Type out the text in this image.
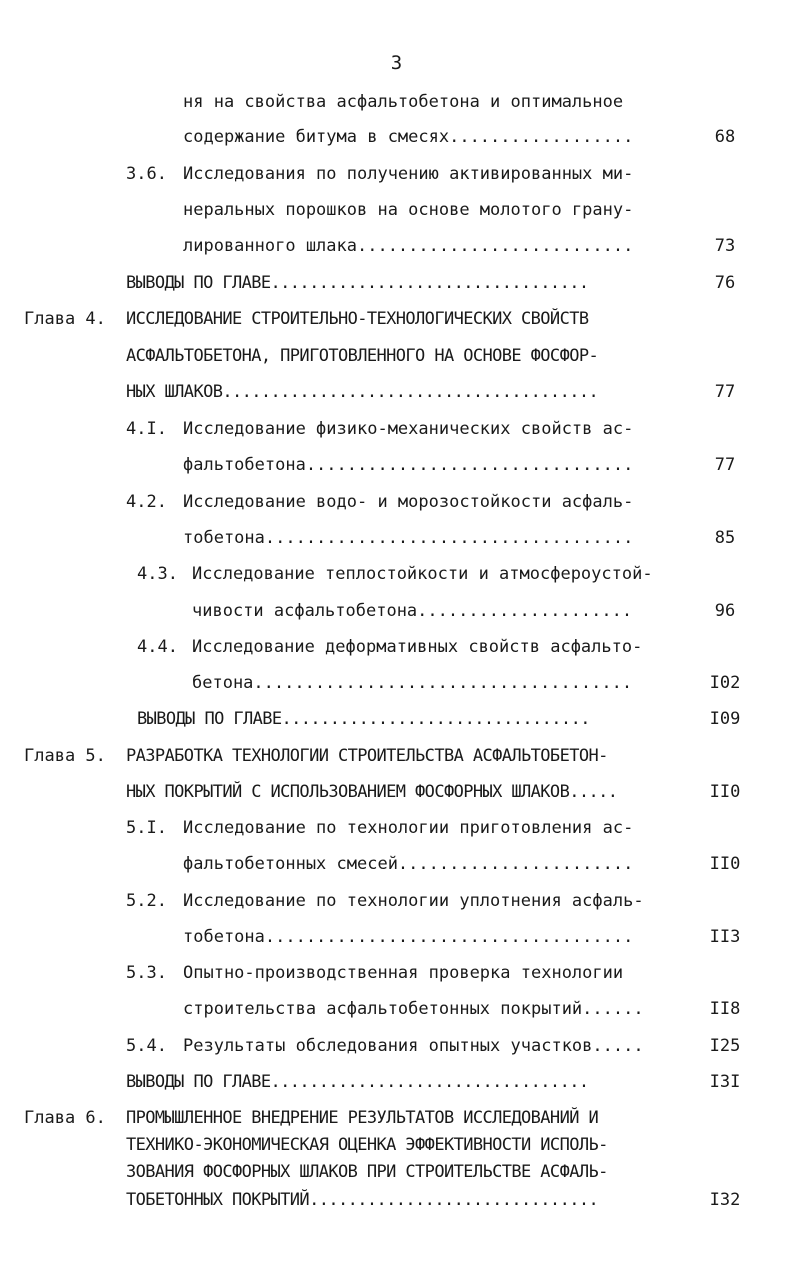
3
ня на свойства асфальтобетона и оптимальное
содержание битума в смесях..................	68
3.6. Исследования по получению активированных ми-
неральных порошков на основе молотого грану-
лированного шлака...........................	73
ВЫВОДЫ ПО ГЛАВЕ.................................	76
Глава 4. ИССЛЕДОВАНИЕ СТРОИТЕЛЬНО-ТЕХНОЛОГИЧЕСКИХ СВОЙСТВ
АСФАЛЬТОБЕТОНА, ПРИГОТОВЛЕННОГО НА ОСНОВЕ ФОСФОР-
НЫХ ШЛАКОВ.......................................	77
4.I. Исследование физико-механических свойств ас-
фальтобетона................................	77
4.2. Исследование водо- и морозостойкости асфаль-
тобетона....................................	85
4.3. Исследование теплостойкости и атмосфероустой-
чивости асфальтобетона.....................	96
4.4. Исследование деформативных свойств асфальто-
бетона.....................................	I02
ВЫВОДЫ ПО ГЛАВЕ................................	I09
Глава 5. РАЗРАБОТКА ТЕХНОЛОГИИ СТРОИТЕЛЬСТВА АСФАЛЬТОБЕТОН-
НЫХ ПОКРЫТИЙ С ИСПОЛЬЗОВАНИЕМ ФОСФОРНЫХ ШЛАКОВ.....	II0
5.I. Исследование по технологии приготовления ас-
фальтобетонных смесей.......................	II0
5.2. Исследование по технологии уплотнения асфаль-
тобетона....................................	II3
5.3. Опытно-производственная проверка технологии
строительства асфальтобетонных покрытий......	II8
5.4. Результаты обследования опытных участков.....	I25
ВЫВОДЫ ПО ГЛАВЕ.................................	I3I
Глава 6. ПРОМЫШЛЕННОЕ ВНЕДРЕНИЕ РЕЗУЛЬТАТОВ ИССЛЕДОВАНИЙ И
ТЕХНИКО-ЭКОНОМИЧЕСКАЯ ОЦЕНКА ЭФФЕКТИВНОСТИ ИСПОЛЬ-
ЗОВАНИЯ ФОСФОРНЫХ ШЛАКОВ ПРИ СТРОИТЕЛЬСТВЕ АСФАЛЬ-
ТОБЕТОННЫХ ПОКРЫТИЙ..............................	I32
